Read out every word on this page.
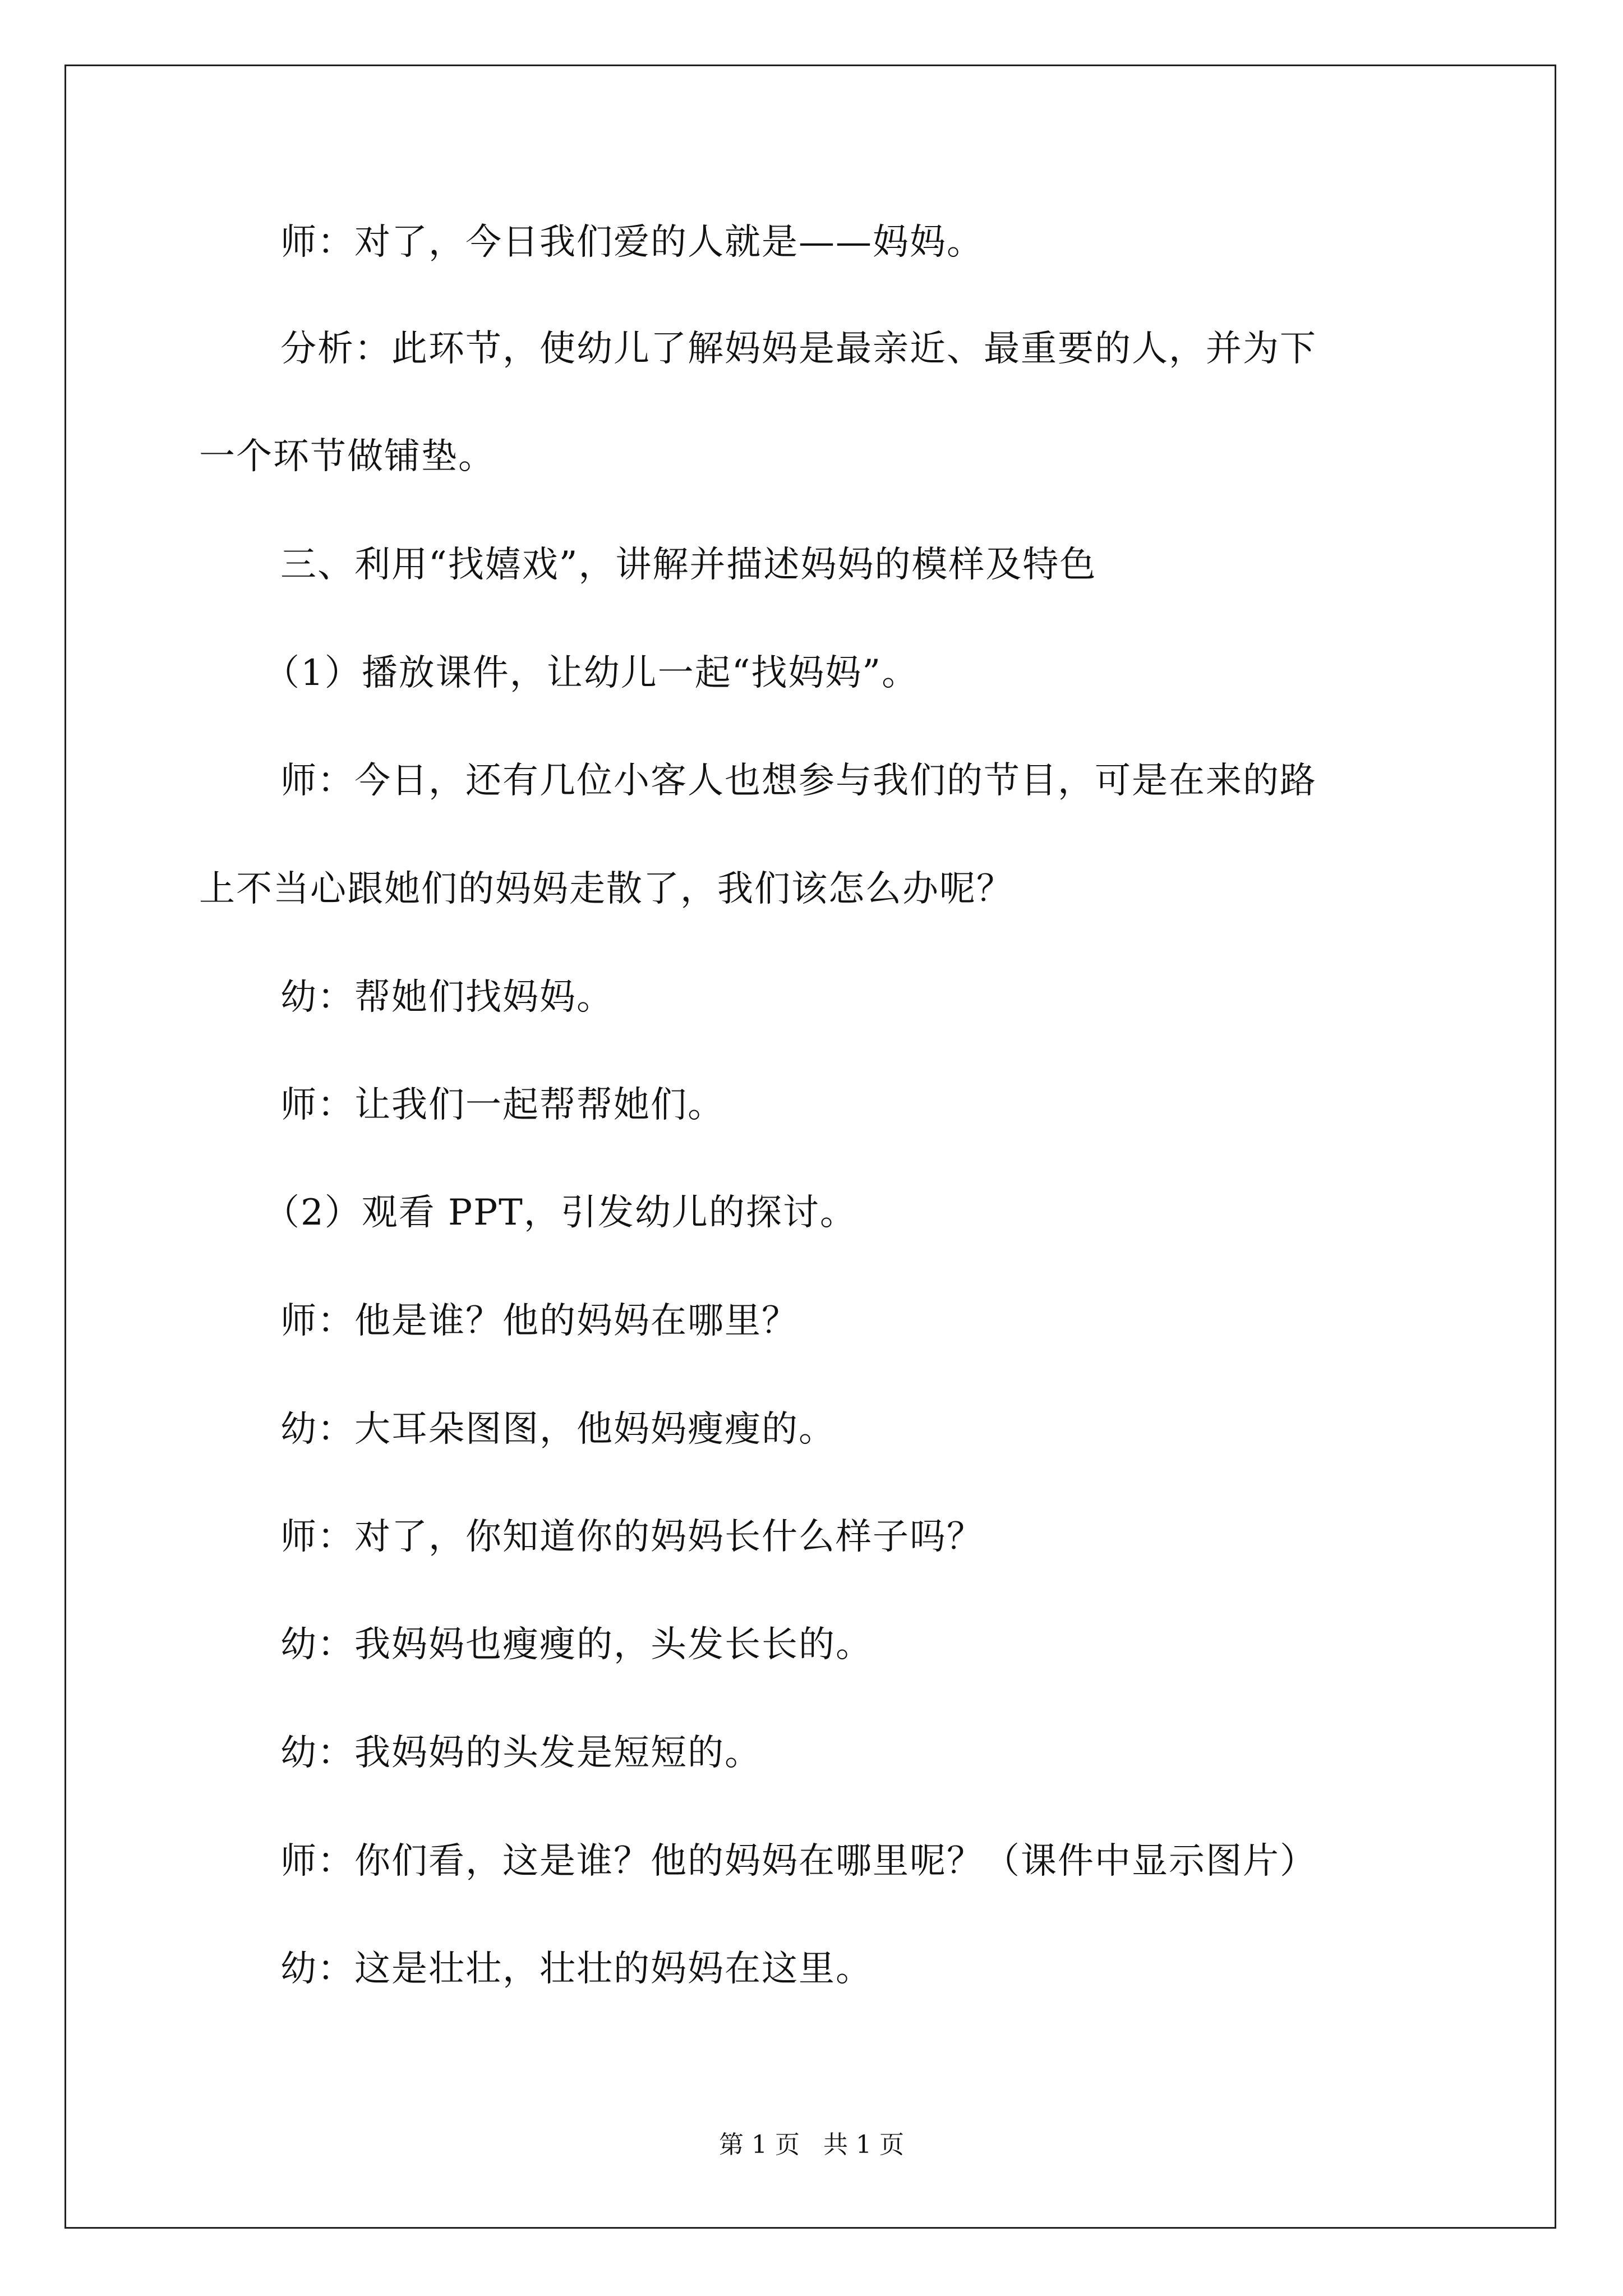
师：对了，今日我们爱的人就是——妈妈。
分析：此环节，使幼儿了解妈妈是最亲近、最重要的人，并为下
一个环节做铺垫。
三、利用“找嬉戏”，讲解并描述妈妈的模样及特色
（1）播放课件，让幼儿一起“找妈妈”。
师：今日，还有几位小客人也想参与我们的节目，可是在来的路
上不当心跟她们的妈妈走散了，我们该怎么办呢？
幼：帮她们找妈妈。
师：让我们一起帮帮她们。
（2）观看 PPT，引发幼儿的探讨。
师：他是谁？他的妈妈在哪里？
幼：大耳朵图图，他妈妈瘦瘦的。
师：对了，你知道你的妈妈长什么样子吗？
幼：我妈妈也瘦瘦的，头发长长的。
幼：我妈妈的头发是短短的。
师：你们看，这是谁？他的妈妈在哪里呢？（课件中显示图片）
幼：这是壮壮，壮壮的妈妈在这里。
第 1 页   共 1 页
